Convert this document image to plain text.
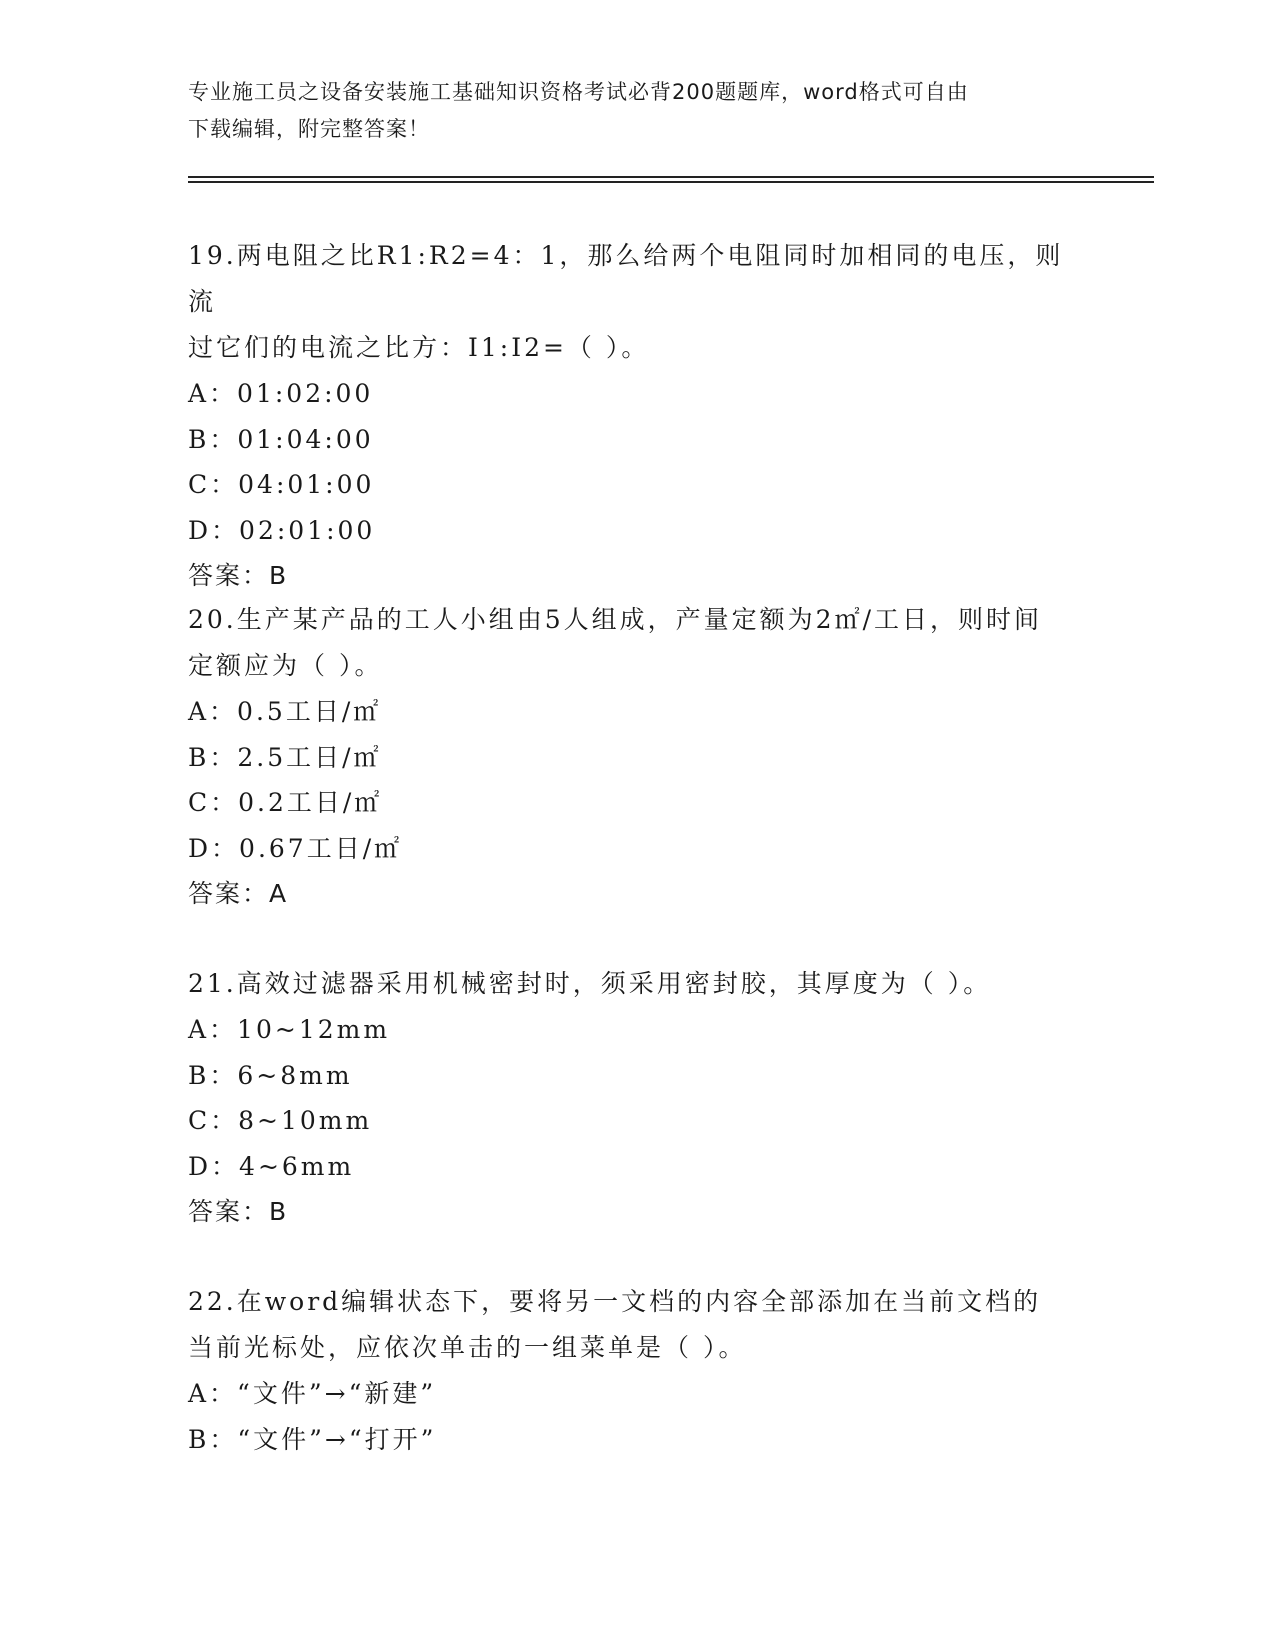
专业施工员之设备安装施工基础知识资格考试必背200题题库，word格式可自由
下载编辑，附完整答案！

19.两电阻之比R1:R2=4：1，那么给两个电阻同时加相同的电压，则流

过它们的电流之比方：I1:I2=（ ）。

A：01:02:00

B：01:04:00

C：04:01:00

D：02:01:00

答案：B

20.生产某产品的工人小组由5人组成，产量定额为2㎡/工日，则时间

定额应为（ ）。

A：0.5工日/㎡

B：2.5工日/㎡

C：0.2工日/㎡

D：0.67工日/㎡

答案：A

21.高效过滤器采用机械密封时，须采用密封胶，其厚度为（ ）。

A：10~12mm

B：6~8mm

C：8~10mm

D：4~6mm

答案：B

22.在word编辑状态下，要将另一文档的内容全部添加在当前文档的

当前光标处，应依次单击的一组菜单是（ ）。

A：“文件”→“新建”

B：“文件”→“打开”
